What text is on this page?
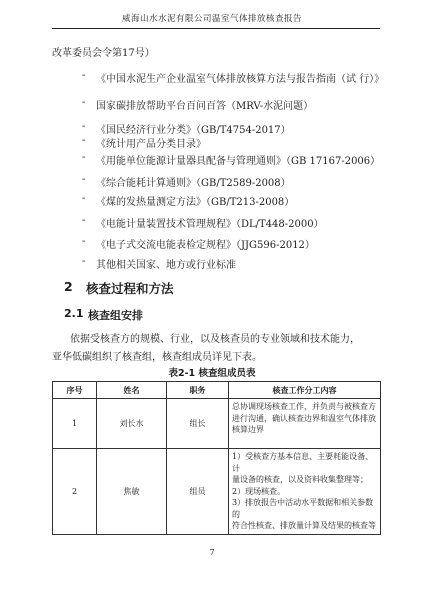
威海山水水泥有限公司温室气体排放核查报告
改革委员会令第17号）
- 《中国水泥生产企业温室气体排放核算方法与报告指南（试 行）》
- 国家碳排放帮助平台百问百答（MRV-水泥问题）
- 《国民经济行业分类》（GB/T4754-2017）
- 《统计用产品分类目录》
- 《用能单位能源计量器具配备与管理通则》（GB 17167-2006）
- 《综合能耗计算通则》（GB/T2589-2008）
- 《煤的发热量测定方法》（GB/T213-2008）
- 《电能计量装置技术管理规程》（DL/T448-2000）
- 《电子式交流电能表检定规程》（JJG596-2012）
- 其他相关国家、地方或行业标准
2 核查过程和方法
2.1 核查组安排
依据受核查方的规模、行业，以及核查员的专业领域和技术能力，
亚华低碳组织了核查组，核查组成员详见下表。
表2-1 核查组成员表
序号	姓名	职务	核查工作分工内容
1	刘长水	组长	总协调现场核查工作，并负责与被核查方
进行沟通，确认核查边界和温室气体排放
核算边界

2	焦敏	组员	1）受核查方基本信息、主要耗能设备、计
量设备的核查，以及资料收集整理等；
2）现场核查。
3）排放报告中活动水平数据和相关参数的
符合性核查、排放量计算及结果的核查等
7
